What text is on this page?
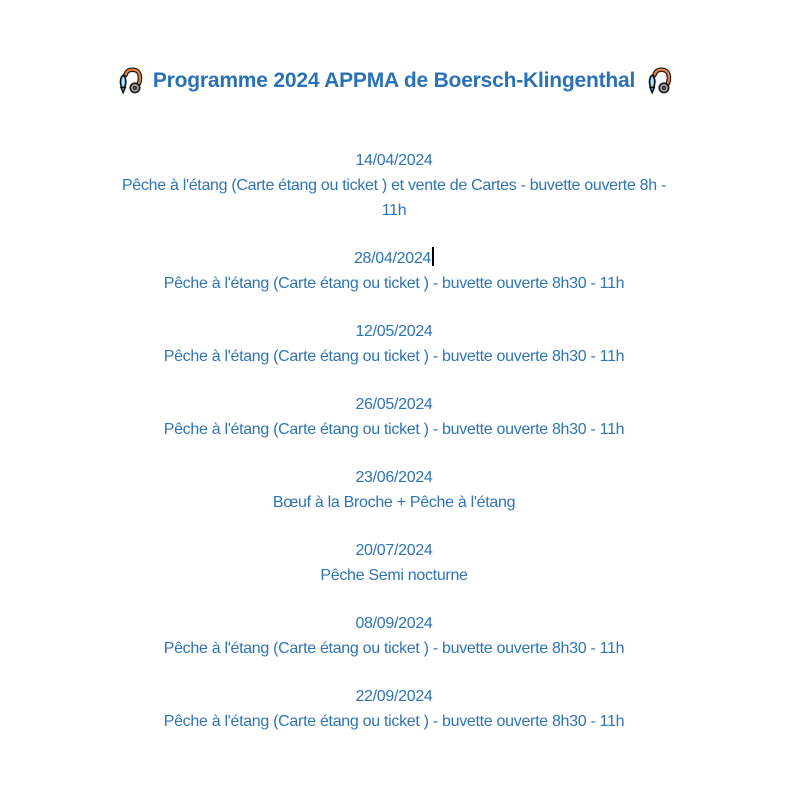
Programme 2024 APPMA de Boersch-Klingenthal
14/04/2024
Pêche à l'étang (Carte étang ou ticket ) et vente de Cartes - buvette ouverte 8h -
11h
28/04/2024
Pêche à l'étang (Carte étang ou ticket ) - buvette ouverte 8h30 - 11h
12/05/2024
Pêche à l'étang (Carte étang ou ticket ) - buvette ouverte 8h30 - 11h
26/05/2024
Pêche à l'étang (Carte étang ou ticket ) - buvette ouverte 8h30 - 11h
23/06/2024
Bœuf à la Broche + Pêche à l'étang
20/07/2024
Pêche Semi nocturne
08/09/2024
Pêche à l'étang (Carte étang ou ticket ) - buvette ouverte 8h30 - 11h
22/09/2024
Pêche à l'étang (Carte étang ou ticket ) - buvette ouverte 8h30 - 11h
